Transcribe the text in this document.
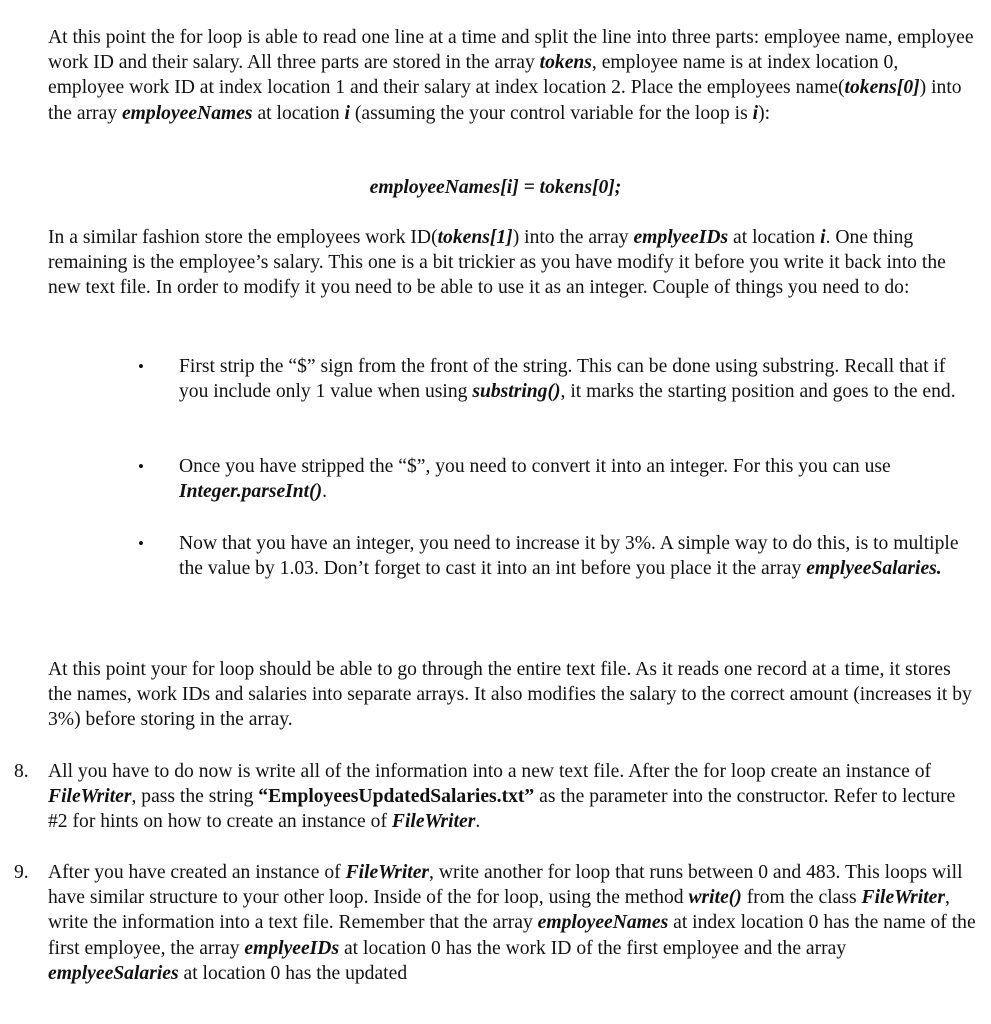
At this point the for loop is able to read one line at a time and split the line into three parts: employee name, employee work ID and their salary. All three parts are stored in the array tokens, employee name is at index location 0, employee work ID at index location 1 and their salary at index location 2. Place the employees name(tokens[0]) into the array employeeNames at location i (assuming the your control variable for the loop is i):

employeeNames[i] = tokens[0];

In a similar fashion store the employees work ID(tokens[1]) into the array emplyeeIDs at location i. One thing remaining is the employee’s salary. This one is a bit trickier as you have modify it before you write it back into the new text file. In order to modify it you need to be able to use it as an integer. Couple of things you need to do:

• First strip the “$” sign from the front of the string. This can be done using substring. Recall that if you include only 1 value when using substring(), it marks the starting position and goes to the end.
• Once you have stripped the “$”, you need to convert it into an integer. For this you can use Integer.parseInt().
• Now that you have an integer, you need to increase it by 3%. A simple way to do this, is to multiple the value by 1.03. Don’t forget to cast it into an int before you place it the array emplyeeSalaries.

At this point your for loop should be able to go through the entire text file. As it reads one record at a time, it stores the names, work IDs and salaries into separate arrays. It also modifies the salary to the correct amount (increases it by 3%) before storing in the array.

8. All you have to do now is write all of the information into a new text file. After the for loop create an instance of FileWriter, pass the string “EmployeesUpdatedSalaries.txt” as the parameter into the constructor. Refer to lecture #2 for hints on how to create an instance of FileWriter.
9. After you have created an instance of FileWriter, write another for loop that runs between 0 and 483. This loops will have similar structure to your other loop. Inside of the for loop, using the method write() from the class FileWriter, write the information into a text file. Remember that the array employeeNames at index location 0 has the name of the first employee, the array emplyeeIDs at location 0 has the work ID of the first employee and the array emplyeeSalaries at location 0 has the updated
